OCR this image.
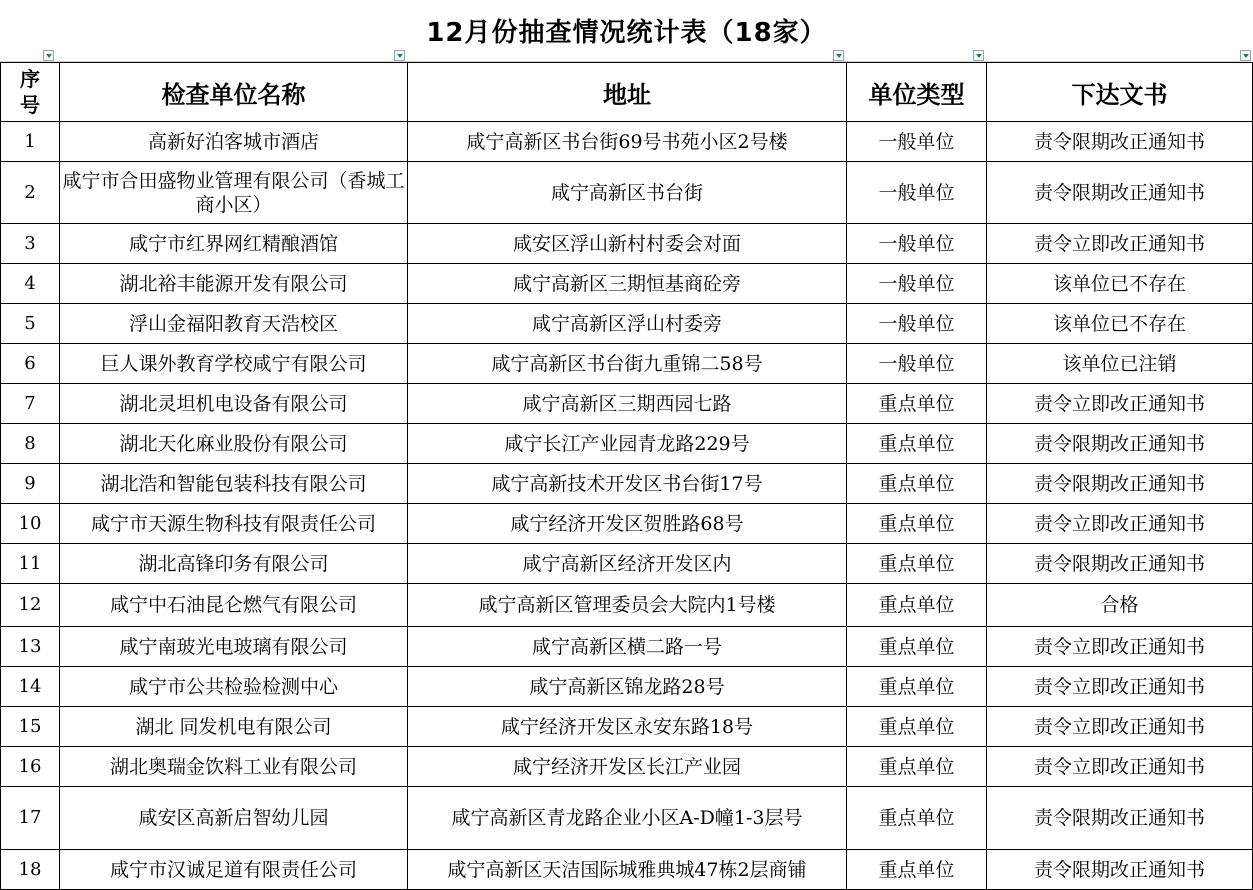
12月份抽查情况统计表（18家）
序
号	检查单位名称	地址	单位类型	下达文书
1	高新好泊客城市酒店	咸宁高新区书台街69号书苑小区2号楼	一般单位	责令限期改正通知书
2	咸宁市合田盛物业管理有限公司（香城工商小区）	咸宁高新区书台街	一般单位	责令限期改正通知书
3	咸宁市红界网红精酿酒馆	咸安区浮山新村村委会对面	一般单位	责令立即改正通知书
4	湖北裕丰能源开发有限公司	咸宁高新区三期恒基商砼旁	一般单位	该单位已不存在
5	浮山金福阳教育天浩校区	咸宁高新区浮山村委旁	一般单位	该单位已不存在
6	巨人课外教育学校咸宁有限公司	咸宁高新区书台街九重锦二58号	一般单位	该单位已注销
7	湖北灵坦机电设备有限公司	咸宁高新区三期西园七路	重点单位	责令立即改正通知书
8	湖北天化麻业股份有限公司	咸宁长江产业园青龙路229号	重点单位	责令限期改正通知书
9	湖北浩和智能包装科技有限公司	咸宁高新技术开发区书台街17号	重点单位	责令限期改正通知书
10	咸宁市天源生物科技有限责任公司	咸宁经济开发区贺胜路68号	重点单位	责令立即改正通知书
11	湖北高锋印务有限公司	咸宁高新区经济开发区内	重点单位	责令限期改正通知书
12	咸宁中石油昆仑燃气有限公司	咸宁高新区管理委员会大院内1号楼	重点单位	合格
13	咸宁南玻光电玻璃有限公司	咸宁高新区横二路一号	重点单位	责令立即改正通知书
14	咸宁市公共检验检测中心	咸宁高新区锦龙路28号	重点单位	责令立即改正通知书
15	湖北 同发机电有限公司	咸宁经济开发区永安东路18号	重点单位	责令立即改正通知书
16	湖北奥瑞金饮料工业有限公司	咸宁经济开发区长江产业园	重点单位	责令立即改正通知书
17	咸安区高新启智幼儿园	咸宁高新区青龙路企业小区A-D幢1-3层号	重点单位	责令限期改正通知书
18	咸宁市汉诚足道有限责任公司	咸宁高新区天洁国际城雅典城47栋2层商铺	重点单位	责令限期改正通知书
